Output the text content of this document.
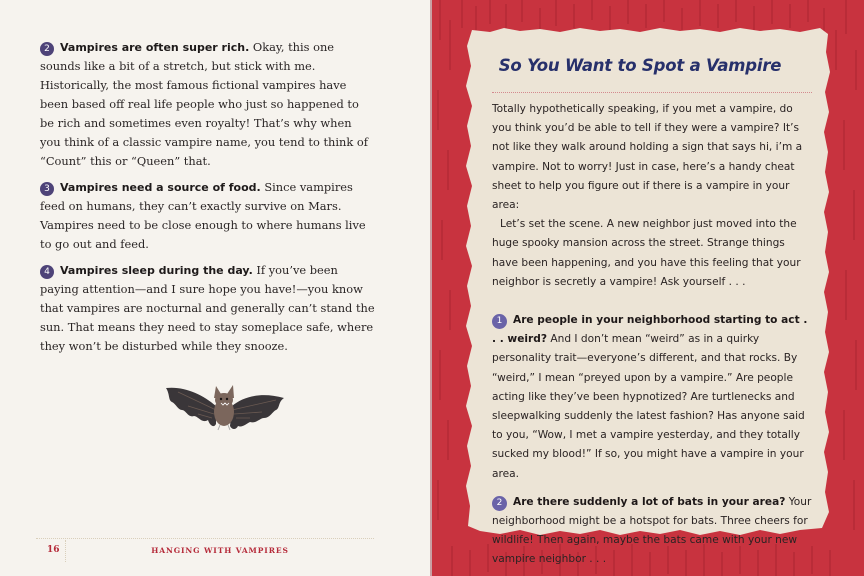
2 Vampires are often super rich. Okay, this one sounds like a bit of a stretch, but stick with me. Historically, the most famous fictional vampires have been based off real life people who just so happened to be rich and sometimes even royalty! That’s why when you think of a classic vampire name, you tend to think of “Count” this or “Queen” that.

3 Vampires need a source of food. Since vampires feed on humans, they can’t exactly survive on Mars. Vampires need to be close enough to where humans live to go out and feed.

4 Vampires sleep during the day. If you’ve been paying attention—and I sure hope you have!—you know that vampires are nocturnal and generally can’t stand the sun. That means they need to stay someplace safe, where they won’t be disturbed while they snooze.

16	HANGING WITH VAMPIRES
So You Want to Spot a Vampire

Totally hypothetically speaking, if you met a vampire, do you think you’d be able to tell if they were a vampire? It’s not like they walk around holding a sign that says hi, i’m a vampire. Not to worry! Just in case, here’s a handy cheat sheet to help you figure out if there is a vampire in your area:

Let’s set the scene. A new neighbor just moved into the huge spooky mansion across the street. Strange things have been happening, and you have this feeling that your neighbor is secretly a vampire! Ask yourself . . .

1 Are people in your neighborhood starting to act . . . weird? And I don’t mean “weird” as in a quirky personality trait—everyone’s different, and that rocks. By “weird,” I mean “preyed upon by a vampire.” Are people acting like they’ve been hypnotized? Are turtlenecks and sleepwalking suddenly the latest fashion? Has anyone said to you, “Wow, I met a vampire yesterday, and they totally sucked my blood!” If so, you might have a vampire in your area.

2 Are there suddenly a lot of bats in your area? Your neighborhood might be a hotspot for bats. Three cheers for wildlife! Then again, maybe the bats came with your new vampire neighbor . . .
